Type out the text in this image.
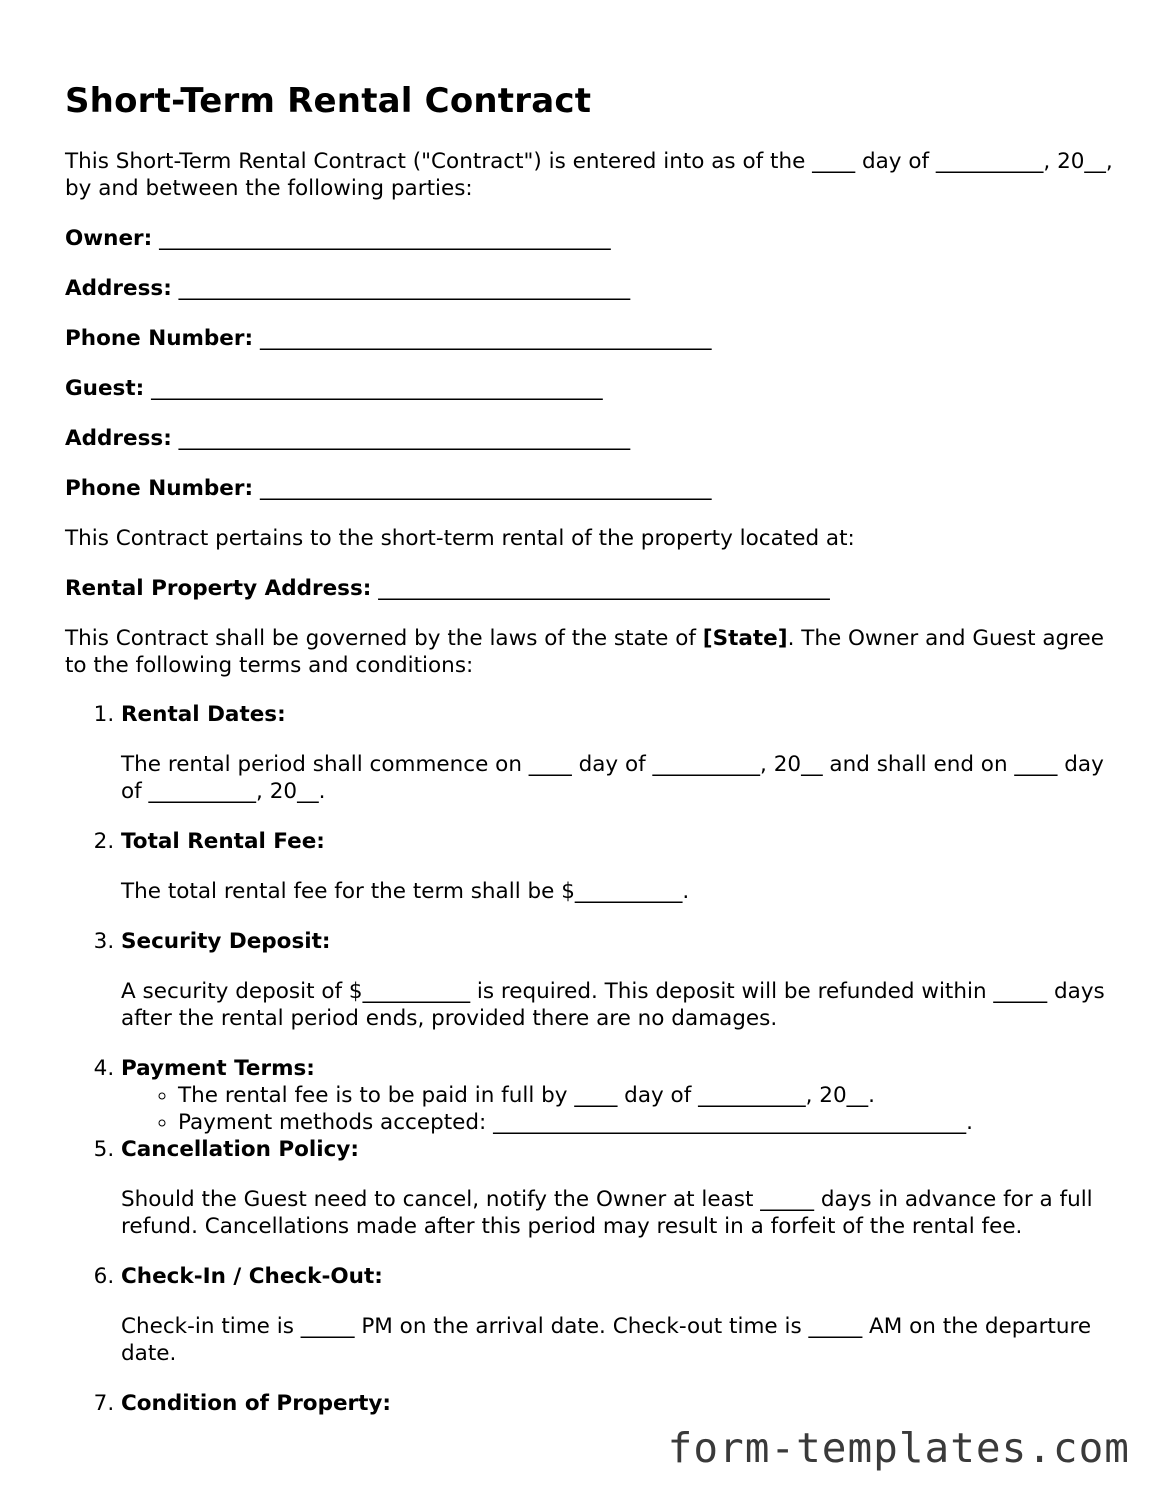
Short-Term Rental Contract

This Short-Term Rental Contract ("Contract") is entered into as of the ____ day of __________, 20__, by and between the following parties:

Owner: __________________________________________
Address: __________________________________________
Phone Number: __________________________________________
Guest: __________________________________________
Address: __________________________________________
Phone Number: __________________________________________

This Contract pertains to the short-term rental of the property located at:

Rental Property Address: __________________________________________

This Contract shall be governed by the laws of the state of [State]. The Owner and Guest agree to the following terms and conditions:

1. Rental Dates:
The rental period shall commence on ____ day of __________, 20__ and shall end on ____ day of __________, 20__.
2. Total Rental Fee:
The total rental fee for the term shall be $__________.
3. Security Deposit:
A security deposit of $__________ is required. This deposit will be refunded within _____ days after the rental period ends, provided there are no damages.
4. Payment Terms:
◦ The rental fee is to be paid in full by ____ day of __________, 20__.
◦ Payment methods accepted: ____________________________________________.
5. Cancellation Policy:
Should the Guest need to cancel, notify the Owner at least _____ days in advance for a full refund. Cancellations made after this period may result in a forfeit of the rental fee.
6. Check-In / Check-Out:
Check-in time is _____ PM on the arrival date. Check-out time is _____ AM on the departure date.
7. Condition of Property:
form-templates.com
